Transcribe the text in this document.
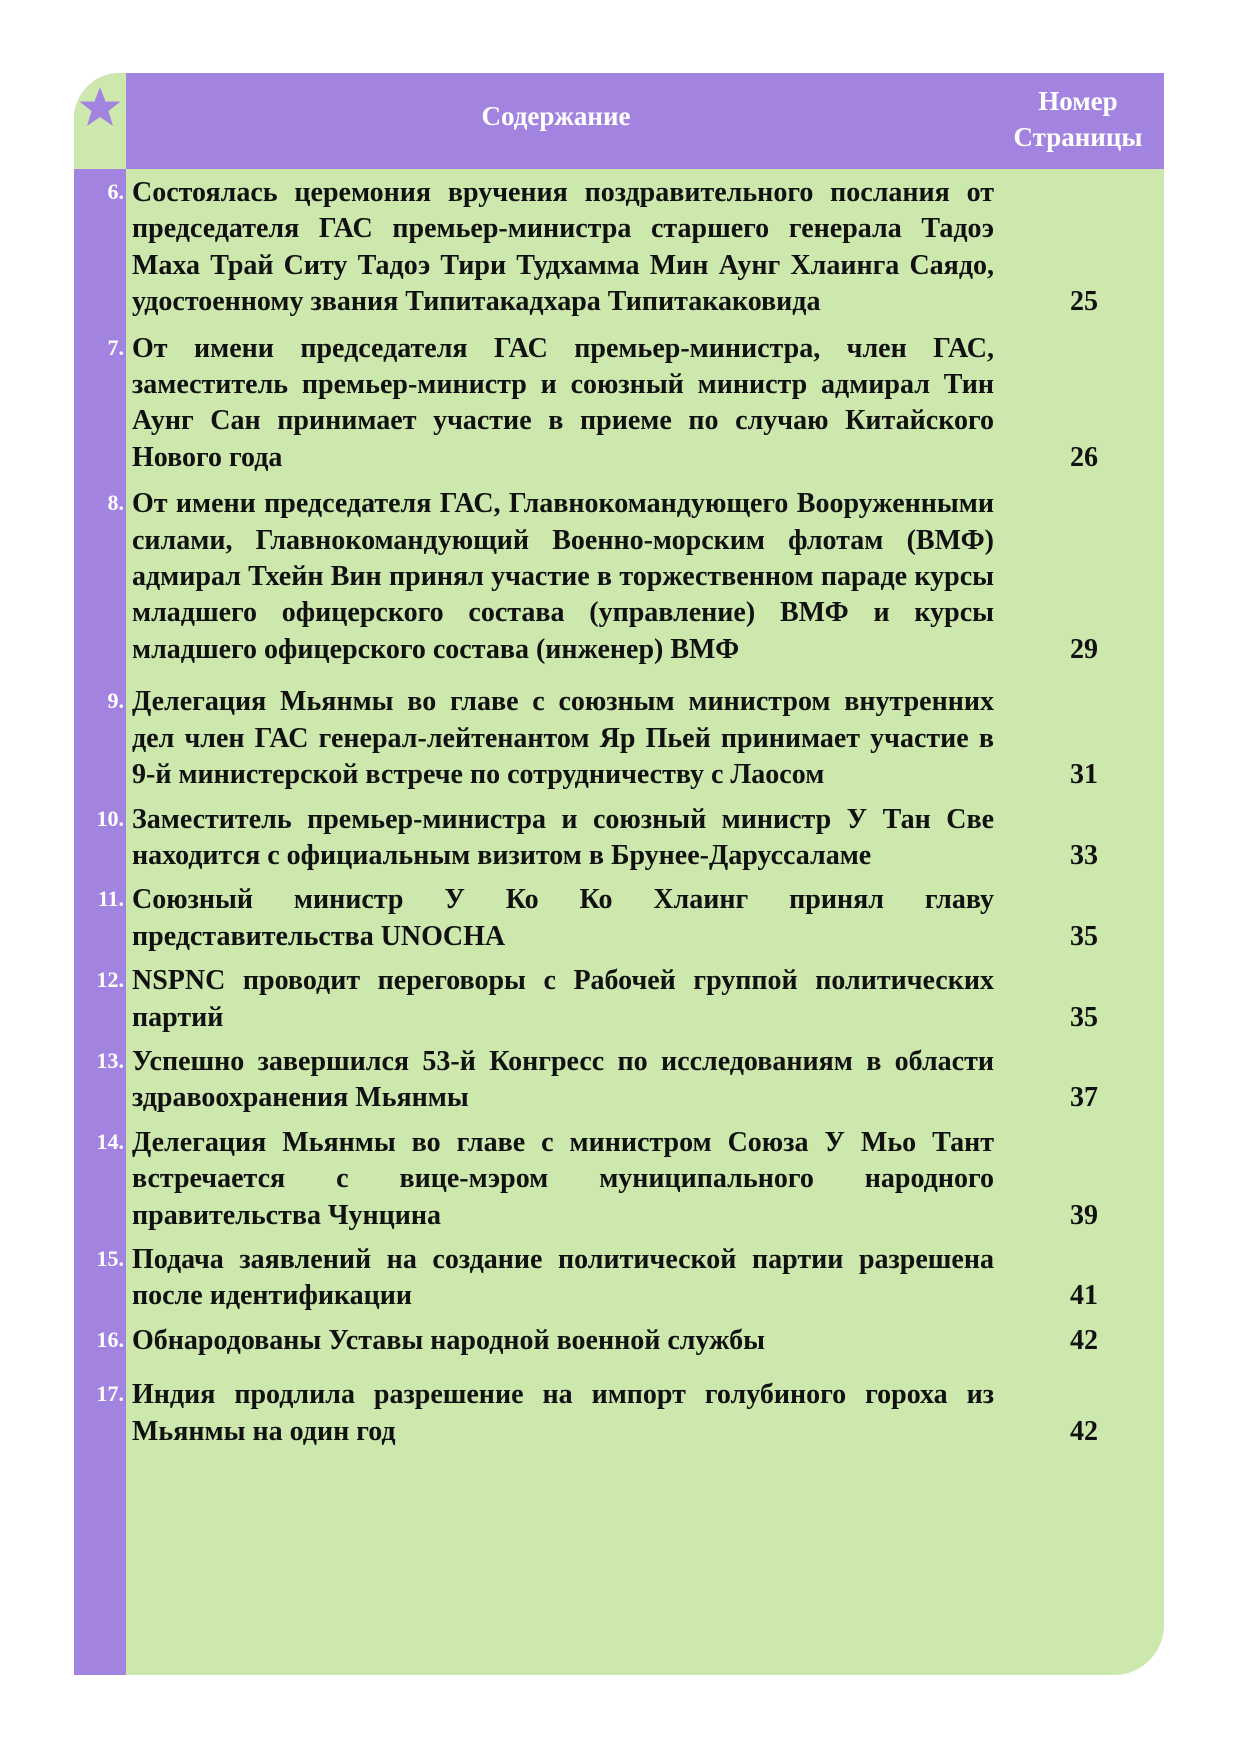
Содержание	Номер
Страницы
6. Состоялась церемония вручения поздравительного послания от председателя ГАС премьер-министра старшего генерала Тадоэ Маха Трай Ситу Тадоэ Тири Тудхамма Мин Аунг Хлаинга Саядо, удостоенному звания Типитакадхара Типитакаковида	25
7. От имени председателя ГАС премьер-министра, член ГАС, заместитель премьер-министр и союзный министр адмирал Тин Аунг Сан принимает участие в приеме по случаю Китайского Нового года	26
8. От имени председателя ГАС, Главнокомандующего Вооруженными силами, Главнокомандующий Военно-морским флотам (ВМФ) адмирал Тхейн Вин принял участие в торжественном параде курсы младшего офицерского состава (управление) ВМФ и курсы младшего офицерского состава (инженер) ВМФ	29
9. Делегация Мьянмы во главе с союзным министром внутренних дел член ГАС генерал-лейтенантом Яр Пьей принимает участие в 9-й министерской встрече по сотрудничеству с Лаосом	31
10. Заместитель премьер-министра и союзный министр У Тан Све находится с официальным визитом в Брунее-Даруссаламе	33
11. Союзный министр У Ко Ко Хлаинг принял главу представительства UNOCHA	35
12. NSPNC проводит переговоры с Рабочей группой политических партий	35
13. Успешно завершился 53-й Конгресс по исследованиям в области здравоохранения Мьянмы	37
14. Делегация Мьянмы во главе с министром Союза У Мьо Тант встречается с вице-мэром муниципального народного правительства Чунцина	39
15. Подача заявлений на создание политической партии разрешена после идентификации	41
16. Обнародованы Уставы народной военной службы	42
17. Индия продлила разрешение на импорт голубиного гороха из Мьянмы на один год	42
